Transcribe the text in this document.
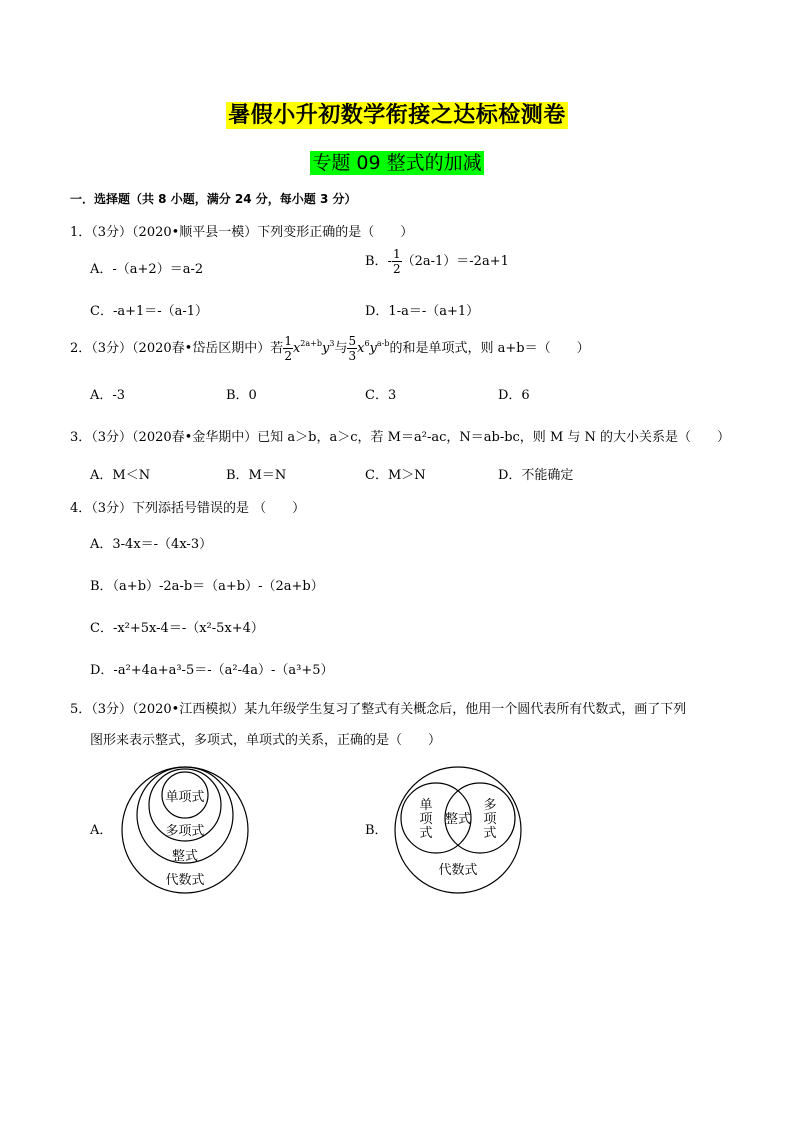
暑假小升初数学衔接之达标检测卷
专题 09 整式的加减
一．选择题（共 8 小题，满分 24 分，每小题 3 分）
1．（3分）（2020•顺平县一模）下列变形正确的是（　　）
A．-（a+2）＝a-2
B．- $\frac{1}{2} (2a-1)=-2a+1$
C．-a+1＝-（a-1）	D．1-a＝-（a+1）
2．（3分）（2020春•岱岳区期中）若 $\frac{1}{2} x^{2a+b}y^3$与 $\frac{5}{3} x^6y^{a-b}$的和是单项式，则 a+b＝（　　）
A．-3	B．0	C．3	D．6
3．（3分）（2020春•金华期中）已知 a＞b，a＞c，若 M＝a²-ac，N＝ab-bc，则 M 与 N 的大小关系是（　　）
A．M＜N	B．M＝N	C．M＞N	D．不能确定
4．（3分）下列添括号错误的是 （　　）
A．3-4x＝-（4x-3）
B．（a+b）-2a-b＝（a+b）-（2a+b）
C．-x²+5x-4＝-（x²-5x+4）
D．-a²+4a+a³-5＝-（a²-4a）-（a³+5）
5．（3分）（2020•江西模拟）某九年级学生复习了整式有关概念后，他用一个圆代表所有代数式，画了下列
图形来表示整式，多项式，单项式的关系，正确的是（　　）
A．
单项式
多项式
整式
代数式
B．
单
项
式
整式
多
项
式
代数式
